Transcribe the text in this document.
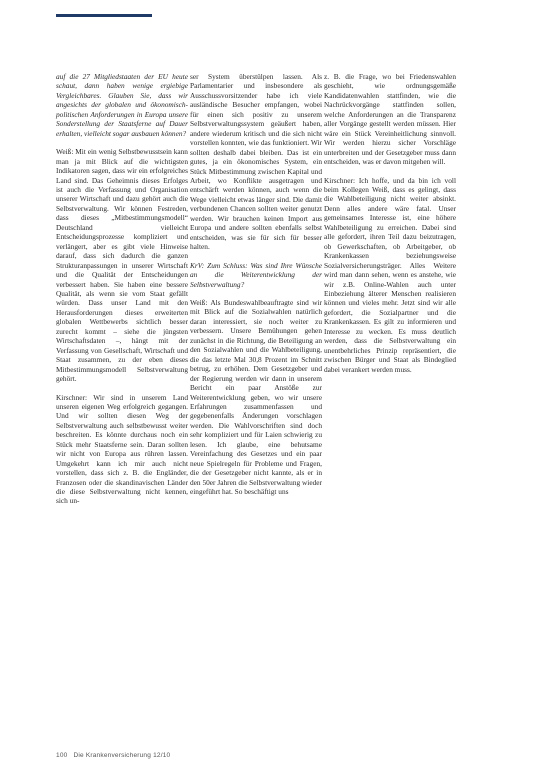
auf die 27 Mitgliedstaaten der EU heute schaut, dann haben wenige ergiebige Vergleichbares. Glauben Sie, dass wir angesichts der globalen und ökonomisch-politischen Anforderungen in Europa unsere Sonderstellung der Staatsferne auf Dauer erhalten, vielleicht sogar ausbauen können?

Weiß: Mit ein wenig Selbstbewusstsein kann man ja mit Blick auf die wichtigsten Indikatoren sagen, dass wir ein erfolgreiches Land sind. Das Geheimnis dieses Erfolges ist auch die Verfassung und Organisation unserer Wirtschaft und dazu gehört auch die Selbstverwaltung. Wir können Festreden, dass dieses „Mitbestimmungsmodell“ Deutschland vielleicht Entscheidungsprozesse kompliziert und verlängert, aber es gibt viele Hinweise darauf, dass sich dadurch die ganzen Strukturanpassungen in unserer Wirtschaft und die Qualität der Entscheidungen verbessert haben. Sie haben eine bessere Qualität, als wenn sie vom Staat gefällt würden. Dass unser Land mit den Herausforderungen dieses erweiterten globalen Wettbewerbs sichtlich besser zurecht kommt – siehe die jüngsten Wirtschaftsdaten –, hängt mit der Verfassung von Gesellschaft, Wirtschaft und Staat zusammen, zu der eben dieses Mitbestimmungsmodell Selbstverwaltung gehört.

Kirschner: Wir sind in unserem Land unseren eigenen Weg erfolgreich gegangen. Und wir sollten diesen Weg der Selbstverwaltung auch selbstbewusst weiter beschreiten. Es könnte durchaus noch ein Stück mehr Staatsferne sein. Daran sollten wir nicht von Europa aus rühren lassen. Umgekehrt kann ich mir auch nicht vorstellen, dass sich z. B. die Engländer, Franzosen oder die skandinavischen Länder die diese Selbstverwaltung nicht kennen, sich un-

ser System überstülpen lassen. Als Parlamentarier und insbesondere als Ausschussvorsitzender habe ich viele ausländische Besucher empfangen, wobei für einen sich positiv zu unserem Selbstverwaltungssystem geäußert haben, andere wiederum kritisch und die sich nicht vorstellen konnten, wie das funktioniert. Wir sollten deshalb dabei bleiben. Das ist ein gutes, ja ein ökonomisches System, ein Stück Mitbestimmung zwischen Kapital und Arbeit, wo Konflikte ausgetragen und entschärft werden können, auch wenn die Wege vielleicht etwas länger sind. Die damit verbundenen Chancen sollten weiter genutzt werden. Wir brauchen keinen Import aus Europa und andere sollten ebenfalls selbst entscheiden, was sie für sich für besser halten.

KrV: Zum Schluss: Was sind Ihre Wünsche an die Weiterentwicklung der Selbstverwaltung?

Weiß: Als Bundeswahlbeauftragte sind wir mit Blick auf die Sozialwahlen natürlich daran interessiert, sie noch weiter zu verbessern. Unsere Bemühungen gehen zunächst in die Richtung, die Beteiligung an den Sozialwahlen und die Wahlbeteiligung, die das letzte Mal 30,8 Prozent im Schnitt betrug, zu erhöhen. Dem Gesetzgeber und der Regierung werden wir dann in unserem Bericht ein paar Anstöße zur Weiterentwicklung geben, wo wir unsere Erfahrungen zusammenfassen und gegebenenfalls Änderungen vorschlagen werden. Die Wahlvorschriften sind doch sehr kompliziert und für Laien schwierig zu lesen. Ich glaube, eine behutsame Vereinfachung des Gesetzes und ein paar neue Spielregeln für Probleme und Fragen, die der Gesetzgeber nicht kannte, als er in den 50er Jahren die Selbstverwaltung wieder eingeführt hat. So beschäftigt uns

z. B. die Frage, wo bei Friedenswahlen geschieht, wie ordnungsgemäße Kandidatenwahlen stattfinden, wie die Nachrückvorgänge stattfinden sollen, welche Anforderungen an die Transparenz aller Vorgänge gestellt werden müssen. Hier wäre ein Stück Vereinheitlichung sinnvoll. Wir werden hierzu sicher Vorschläge unterbreiten und der Gesetzgeber muss dann entscheiden, was er davon mitgehen will.

Kirschner: Ich hoffe, und da bin ich voll beim Kollegen Weiß, dass es gelingt, dass die Wahlbeteiligung nicht weiter absinkt. Denn alles andere wäre fatal. Unser gemeinsames Interesse ist, eine höhere Wahlbeteiligung zu erreichen. Dabei sind alle gefordert, ihren Teil dazu beizutragen, ob Gewerkschaften, ob Arbeitgeber, ob Krankenkassen beziehungsweise Sozialversicherungsträger. Alles Weitere wird man dann sehen, wenn es anstehe, wie wir z.B. Online-Wahlen auch unter Einbeziehung älterer Menschen realisieren können und vieles mehr. Jetzt sind wir alle gefordert, die Sozialpartner und die Krankenkassen. Es gilt zu informieren und Interesse zu wecken. Es muss deutlich werden, dass die Selbstverwaltung ein unentbehrliches Prinzip repräsentiert, die zwischen Bürger und Staat als Bindeglied dabei verankert werden muss.

100 Die Krankenversicherung 12/10
